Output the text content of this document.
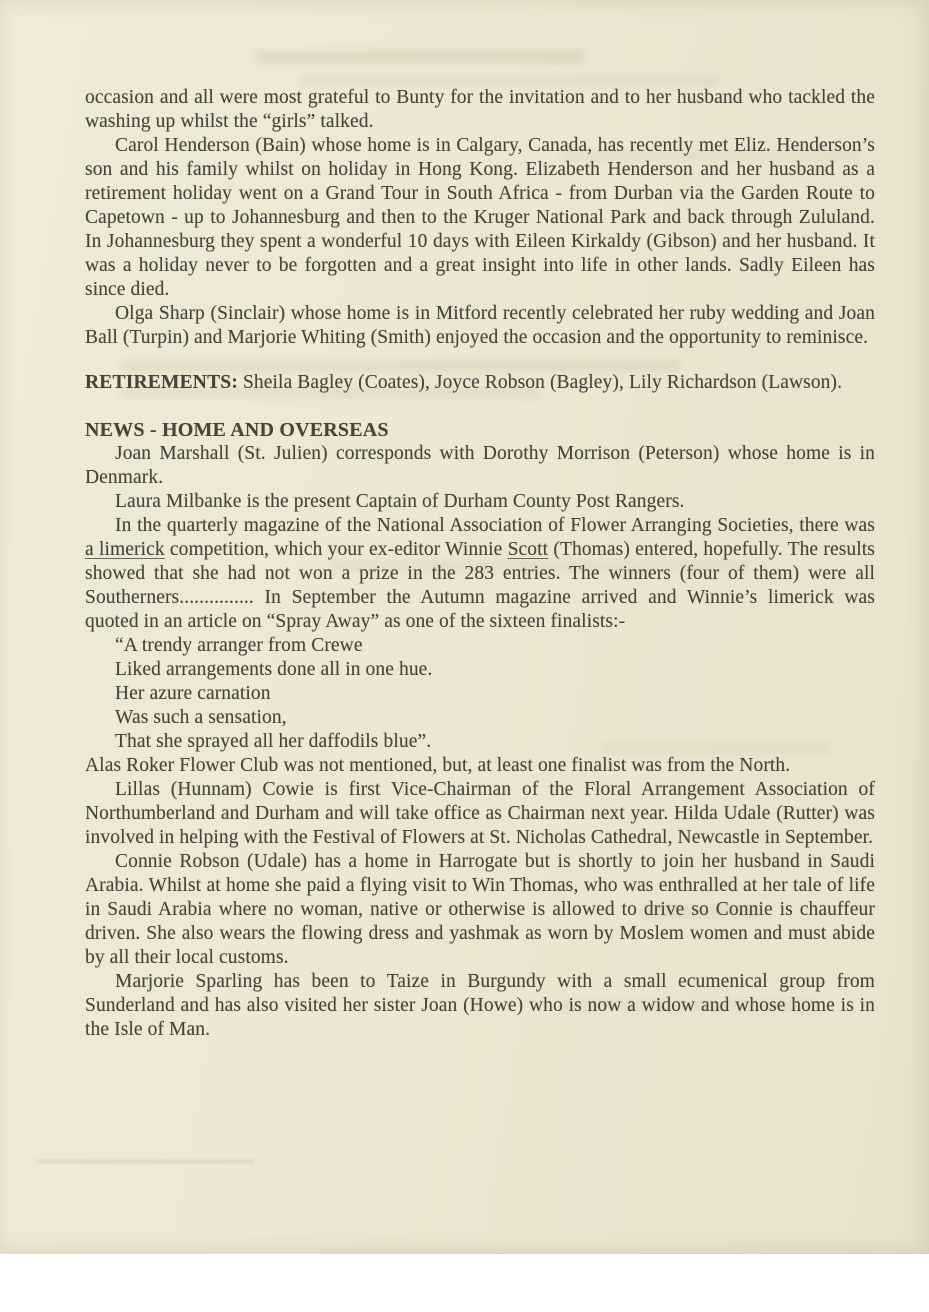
occasion and all were most grateful to Bunty for the invitation and to her husband who tackled the washing up whilst the “girls” talked.

Carol Henderson (Bain) whose home is in Calgary, Canada, has recently met Eliz. Henderson’s son and his family whilst on holiday in Hong Kong. Elizabeth Henderson and her husband as a retirement holiday went on a Grand Tour in South Africa - from Durban via the Garden Route to Capetown - up to Johannesburg and then to the Kruger National Park and back through Zululand. In Johannesburg they spent a wonderful 10 days with Eileen Kirkaldy (Gibson) and her husband. It was a holiday never to be forgotten and a great insight into life in other lands. Sadly Eileen has since died.

Olga Sharp (Sinclair) whose home is in Mitford recently celebrated her ruby wedding and Joan Ball (Turpin) and Marjorie Whiting (Smith) enjoyed the occasion and the opportunity to reminisce.

RETIREMENTS: Sheila Bagley (Coates), Joyce Robson (Bagley), Lily Richardson (Lawson).

NEWS - HOME AND OVERSEAS

Joan Marshall (St. Julien) corresponds with Dorothy Morrison (Peterson) whose home is in Denmark.

Laura Milbanke is the present Captain of Durham County Post Rangers.

In the quarterly magazine of the National Association of Flower Arranging Societies, there was a limerick competition, which your ex-editor Winnie Scott (Thomas) entered, hopefully. The results showed that she had not won a prize in the 283 entries. The winners (four of them) were all Southerners............... In September the Autumn magazine arrived and Winnie’s limerick was quoted in an article on “Spray Away” as one of the sixteen finalists:-

“A trendy arranger from Crewe
Liked arrangements done all in one hue.
Her azure carnation
Was such a sensation,
That she sprayed all her daffodils blue”.

Alas Roker Flower Club was not mentioned, but, at least one finalist was from the North.

Lillas (Hunnam) Cowie is first Vice-Chairman of the Floral Arrangement Association of Northumberland and Durham and will take office as Chairman next year. Hilda Udale (Rutter) was involved in helping with the Festival of Flowers at St. Nicholas Cathedral, Newcastle in September.

Connie Robson (Udale) has a home in Harrogate but is shortly to join her husband in Saudi Arabia. Whilst at home she paid a flying visit to Win Thomas, who was enthralled at her tale of life in Saudi Arabia where no woman, native or otherwise is allowed to drive so Connie is chauffeur driven. She also wears the flowing dress and yashmak as worn by Moslem women and must abide by all their local customs.

Marjorie Sparling has been to Taize in Burgundy with a small ecumenical group from Sunderland and has also visited her sister Joan (Howe) who is now a widow and whose home is in the Isle of Man.
